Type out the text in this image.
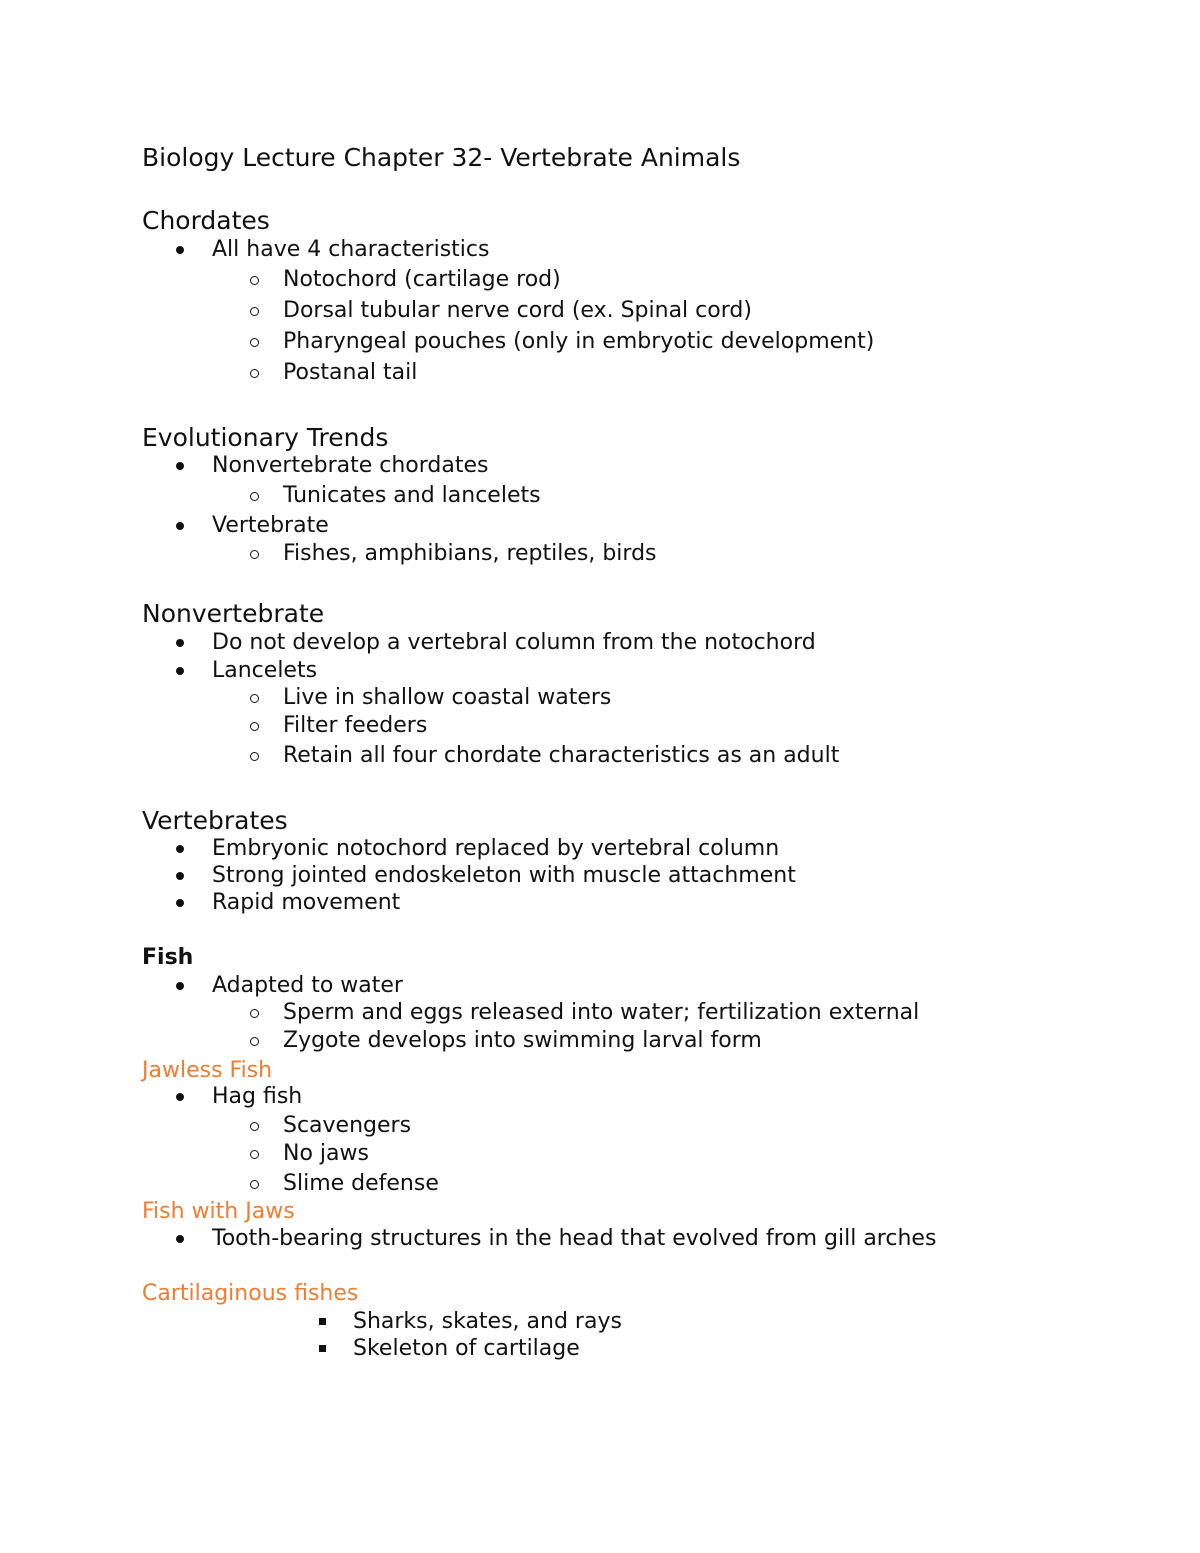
Biology Lecture Chapter 32- Vertebrate Animals
Chordates
All have 4 characteristics
Notochord (cartilage rod)
Dorsal tubular nerve cord (ex. Spinal cord)
Pharyngeal pouches (only in embryotic development)
Postanal tail
Evolutionary Trends
Nonvertebrate chordates
Tunicates and lancelets
Vertebrate
Fishes, amphibians, reptiles, birds
Nonvertebrate
Do not develop a vertebral column from the notochord
Lancelets
Live in shallow coastal waters
Filter feeders
Retain all four chordate characteristics as an adult
Vertebrates
Embryonic notochord replaced by vertebral column
Strong jointed endoskeleton with muscle attachment
Rapid movement
Fish
Adapted to water
Sperm and eggs released into water; fertilization external
Zygote develops into swimming larval form
Jawless Fish
Hag fish
Scavengers
No jaws
Slime defense
Fish with Jaws
Tooth-bearing structures in the head that evolved from gill arches
Cartilaginous fishes
Sharks, skates, and rays
Skeleton of cartilage
